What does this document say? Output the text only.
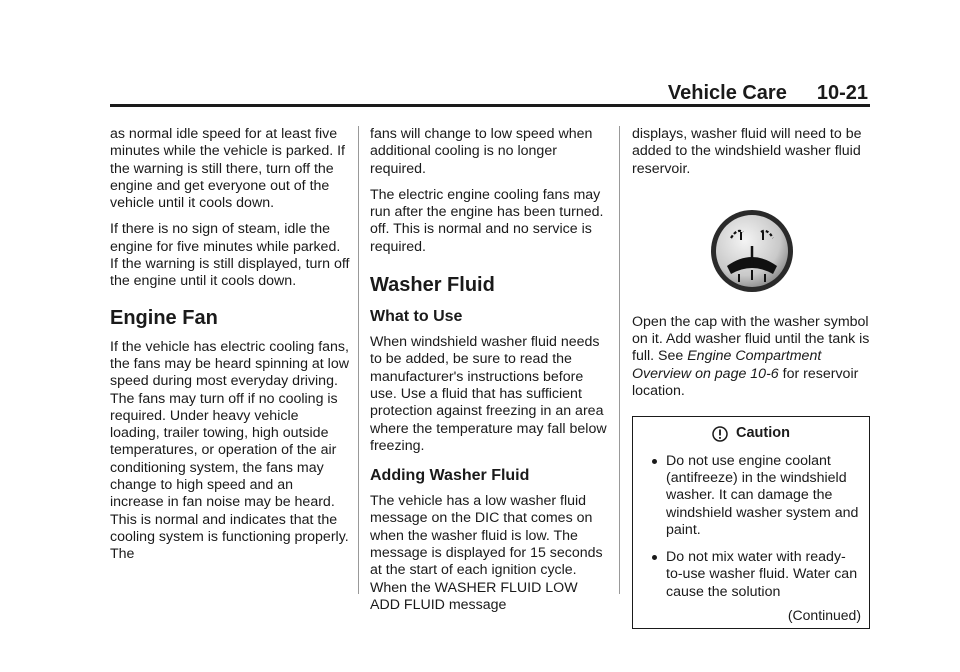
Vehicle Care 10-21

as normal idle speed for at least five minutes while the vehicle is parked. If the warning is still there, turn off the engine and get everyone out of the vehicle until it cools down.

If there is no sign of steam, idle the engine for five minutes while parked. If the warning is still displayed, turn off the engine until it cools down.

Engine Fan

If the vehicle has electric cooling fans, the fans may be heard spinning at low speed during most everyday driving. The fans may turn off if no cooling is required. Under heavy vehicle loading, trailer towing, high outside temperatures, or operation of the air conditioning system, the fans may change to high speed and an increase in fan noise may be heard. This is normal and indicates that the cooling system is functioning properly. The

fans will change to low speed when additional cooling is no longer required.

The electric engine cooling fans may run after the engine has been turned. off. This is normal and no service is required.

Washer Fluid
What to Use

When windshield washer fluid needs to be added, be sure to read the manufacturer's instructions before use. Use a fluid that has sufficient protection against freezing in an area where the temperature may fall below freezing.

Adding Washer Fluid

The vehicle has a low washer fluid message on the DIC that comes on when the washer fluid is low. The message is displayed for 15 seconds at the start of each ignition cycle. When the WASHER FLUID LOW ADD FLUID message

displays, washer fluid will need to be added to the windshield washer fluid reservoir.

Open the cap with the washer symbol on it. Add washer fluid until the tank is full. See Engine Compartment Overview on page 10-6 for reservoir location.

Caution
Do not use engine coolant (antifreeze) in the windshield washer. It can damage the windshield washer system and paint.
Do not mix water with ready-to-use washer fluid. Water can cause the solution
(Continued)
